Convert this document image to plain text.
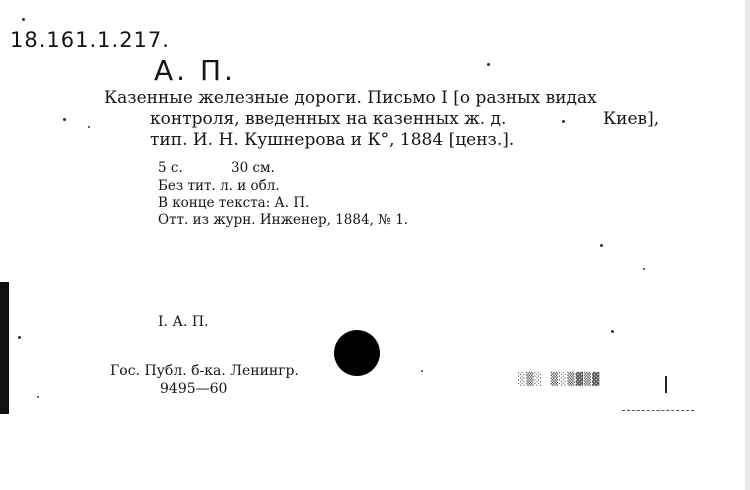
18.161.1.217.
А. П.
Казенные железные дороги. Письмо I [о разных видах
контроля, введенных на казенных ж. д.	Киев],
тип. И. Н. Кушнерова и К°, 1884 [ценз.].
5 с.	30 см.
Без тит. л. и обл.
В конце текста: А. П.
Отт. из журн. Инженер, 1884, № 1.
I. А. П.
Гос. Публ. б-ка. Ленингр.
9495—60
░▒░ ▒░▒▓▒▓
